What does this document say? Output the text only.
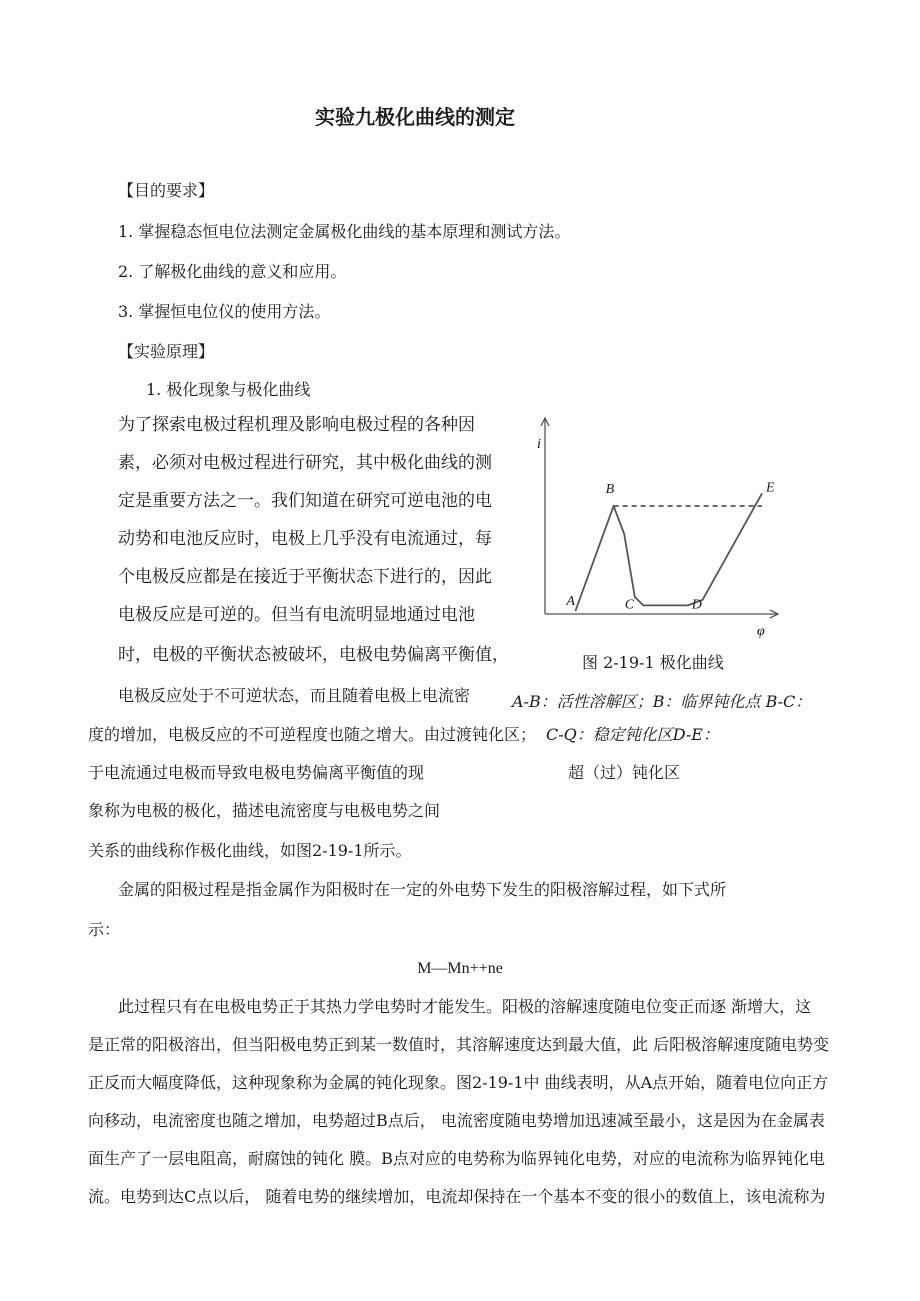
实验九极化曲线的测定
【目的要求】
1. 掌握稳态恒电位法测定金属极化曲线的基本原理和测试方法。
2. 了解极化曲线的意义和应用。
3. 掌握恒电位仪的使用方法。
【实验原理】
1. 极化现象与极化曲线
为了探索电极过程机理及影响电极过程的各种因
素，必须对电极过程进行研究，其中极化曲线的测
定是重要方法之一。我们知道在研究可逆电池的电
动势和电池反应时，电极上几乎没有电流通过，每
个电极反应都是在接近于平衡状态下进行的，因此
电极反应是可逆的。但当有电流明显地通过电池
时，电极的平衡状态被破坏，电极电势偏离平衡值，
电极反应处于不可逆状态，而且随着电极上电流密
度的增加，电极反应的不可逆程度也随之增大。由过渡钝化区；
于电流通过电极而导致电极电势偏离平衡值的现
象称为电极的极化，描述电流密度与电极电势之间
关系的曲线称作极化曲线，如图2-19-1所示。
i
φ
A
B
C	D
E
图 2-19-1 极化曲线
A-B：活性溶解区；B：临界钝化点 B-C：
C-Q：稳定钝化区D-E：
超（过）钝化区
金属的阳极过程是指金属作为阳极时在一定的外电势下发生的阳极溶解过程，如下式所
示：
M—Mn++ne
此过程只有在电极电势正于其热力学电势时才能发生。阳极的溶解速度随电位变正而逐 渐增大，这
是正常的阳极溶出，但当阳极电势正到某一数值时，其溶解速度达到最大值，此 后阳极溶解速度随电势变
正反而大幅度降低，这种现象称为金属的钝化现象。图2-19-1中 曲线表明，从A点开始，随着电位向正方
向移动，电流密度也随之增加，电势超过B点后， 电流密度随电势增加迅速减至最小，这是因为在金属表
面生产了一层电阻高，耐腐蚀的钝化 膜。B点对应的电势称为临界钝化电势，对应的电流称为临界钝化电
流。电势到达C点以后， 随着电势的继续增加，电流却保持在一个基本不变的很小的数值上，该电流称为
